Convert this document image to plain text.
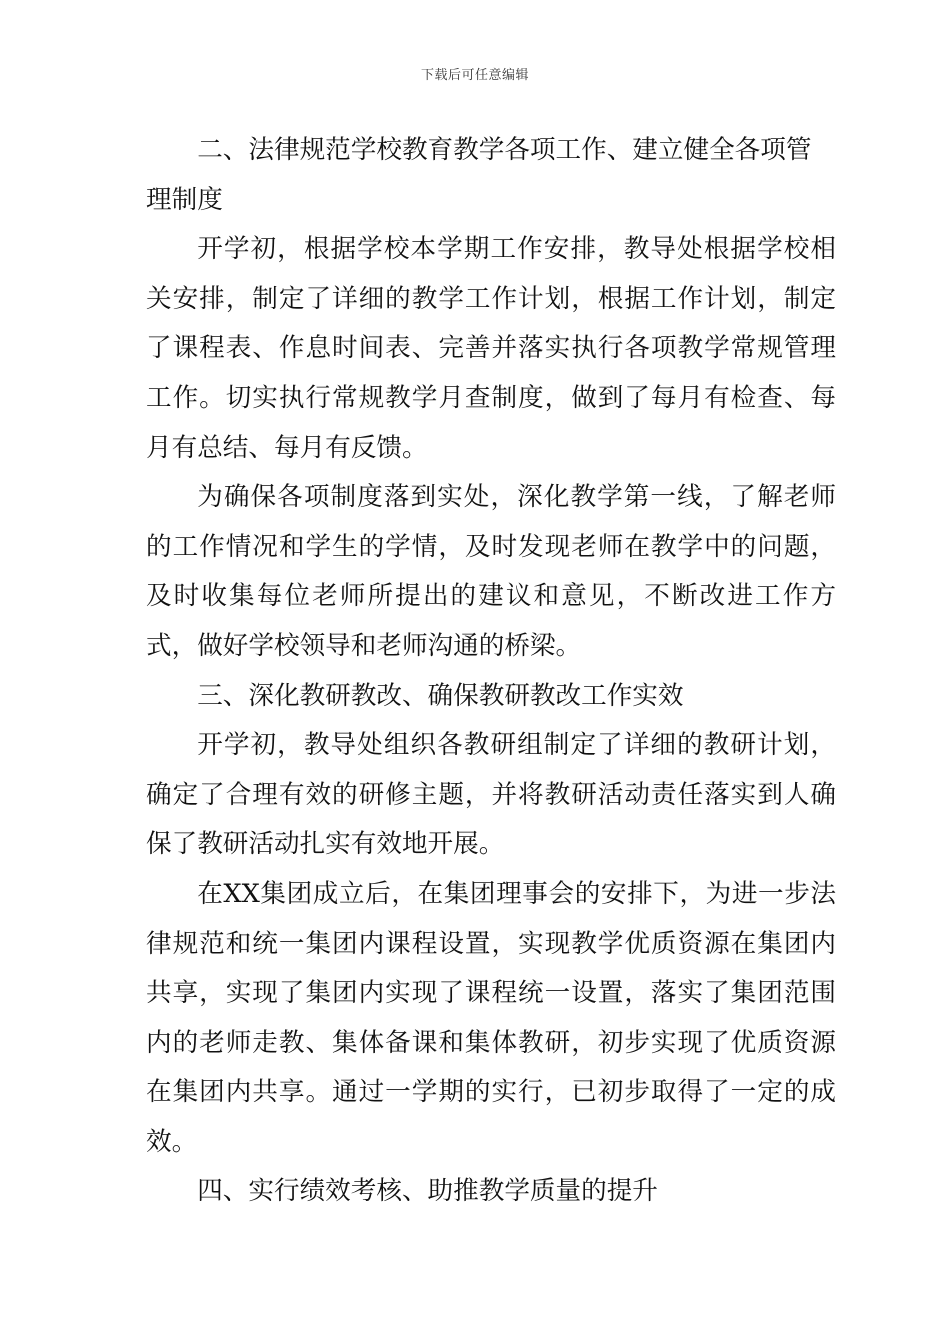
下载后可任意编辑

二、法律规范学校教育教学各项工作、建立健全各项管理制度

开学初，根据学校本学期工作安排，教导处根据学校相关安排，制定了详细的教学工作计划，根据工作计划，制定了课程表、作息时间表、完善并落实执行各项教学常规管理工作。切实执行常规教学月查制度，做到了每月有检查、每月有总结、每月有反馈。

为确保各项制度落到实处，深化教学第一线，了解老师的工作情况和学生的学情，及时发现老师在教学中的问题，及时收集每位老师所提出的建议和意见，不断改进工作方式，做好学校领导和老师沟通的桥梁。

三、深化教研教改、确保教研教改工作实效

开学初，教导处组织各教研组制定了详细的教研计划，确定了合理有效的研修主题，并将教研活动责任落实到人确保了教研活动扎实有效地开展。

在XX集团成立后，在集团理事会的安排下，为进一步法律规范和统一集团内课程设置，实现教学优质资源在集团内共享，实现了集团内实现了课程统一设置，落实了集团范围内的老师走教、集体备课和集体教研，初步实现了优质资源在集团内共享。通过一学期的实行，已初步取得了一定的成效。

四、实行绩效考核、助推教学质量的提升
